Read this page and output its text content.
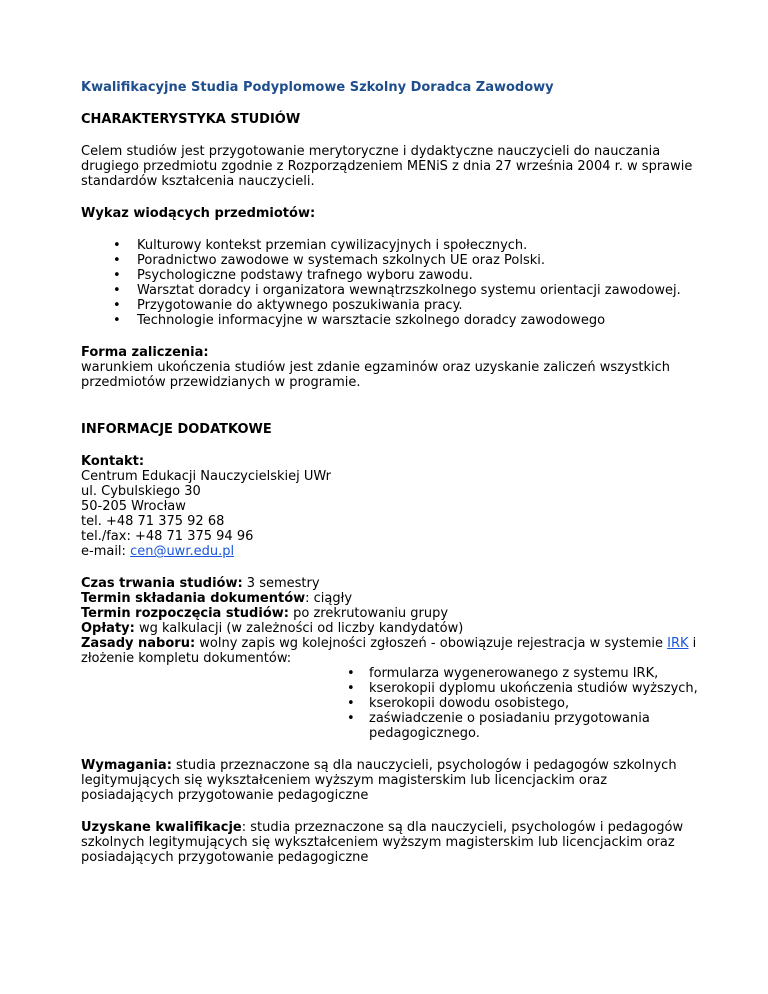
Kwalifikacyjne Studia Podyplomowe Szkolny Doradca Zawodowy

CHARAKTERYSTYKA STUDIÓW

Celem studiów jest przygotowanie merytoryczne i dydaktyczne nauczycieli do nauczania drugiego przedmiotu zgodnie z Rozporządzeniem MENiS z dnia 27 września 2004 r. w sprawie standardów kształcenia nauczycieli.

Wykaz wiodących przedmiotów:

• Kulturowy kontekst przemian cywilizacyjnych i społecznych.
• Poradnictwo zawodowe w systemach szkolnych UE oraz Polski.
• Psychologiczne podstawy trafnego wyboru zawodu.
• Warsztat doradcy i organizatora wewnątrzszkolnego systemu orientacji zawodowej.
• Przygotowanie do aktywnego poszukiwania pracy.
• Technologie informacyjne w warsztacie szkolnego doradcy zawodowego

Forma zaliczenia:
warunkiem ukończenia studiów jest zdanie egzaminów oraz uzyskanie zaliczeń wszystkich przedmiotów przewidzianych w programie.

INFORMACJE DODATKOWE

Kontakt:
Centrum Edukacji Nauczycielskiej UWr
ul. Cybulskiego 30
50-205 Wrocław
tel. +48 71 375 92 68
tel./fax: +48 71 375 94 96
e-mail: cen@uwr.edu.pl

Czas trwania studiów: 3 semestry
Termin składania dokumentów: ciągły
Termin rozpoczęcia studiów: po zrekrutowaniu grupy
Opłaty: wg kalkulacji (w zależności od liczby kandydatów)
Zasady naboru: wolny zapis wg kolejności zgłoszeń - obowiązuje rejestracja w systemie IRK i złożenie kompletu dokumentów:

• formularza wygenerowanego z systemu IRK,
• kserokopii dyplomu ukończenia studiów wyższych,
• kserokopii dowodu osobistego,
• zaświadczenie o posiadaniu przygotowania pedagogicznego.

Wymagania: studia przeznaczone są dla nauczycieli, psychologów i pedagogów szkolnych legitymujących się wykształceniem wyższym magisterskim lub licencjackim oraz posiadających przygotowanie pedagogiczne

Uzyskane kwalifikacje: studia przeznaczone są dla nauczycieli, psychologów i pedagogów szkolnych legitymujących się wykształceniem wyższym magisterskim lub licencjackim oraz posiadających przygotowanie pedagogiczne
